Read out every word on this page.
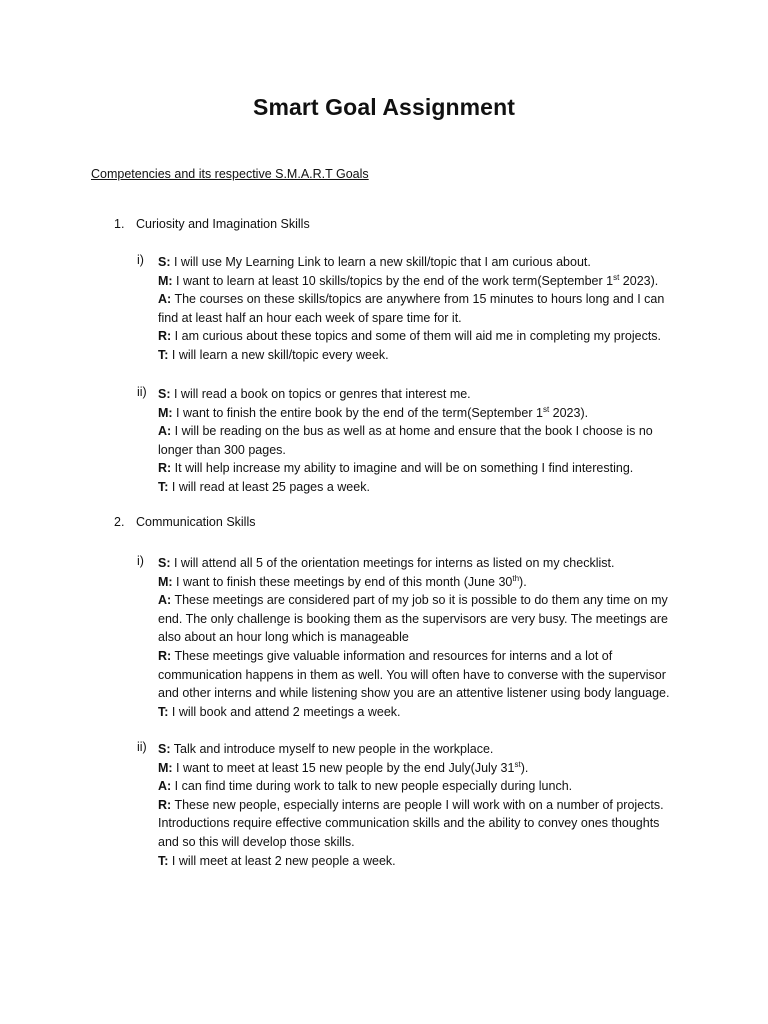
Smart Goal Assignment
Competencies and its respective S.M.A.R.T Goals
1. Curiosity and Imagination Skills
i) S: I will use My Learning Link to learn a new skill/topic that I am curious about.
M: I want to learn at least 10 skills/topics by the end of the work term(September 1st 2023).
A: The courses on these skills/topics are anywhere from 15 minutes to hours long and I can
find at least half an hour each week of spare time for it.
R: I am curious about these topics and some of them will aid me in completing my projects.
T: I will learn a new skill/topic every week.
ii) S: I will read a book on topics or genres that interest me.
M: I want to finish the entire book by the end of the term(September 1st 2023).
A: I will be reading on the bus as well as at home and ensure that the book I choose is no
longer than 300 pages.
R: It will help increase my ability to imagine and will be on something I find interesting.
T: I will read at least 25 pages a week.
2. Communication Skills
i) S: I will attend all 5 of the orientation meetings for interns as listed on my checklist.
M: I want to finish these meetings by end of this month (June 30th).
A: These meetings are considered part of my job so it is possible to do them any time on my
end. The only challenge is booking them as the supervisors are very busy. The meetings are
also about an hour long which is manageable
R: These meetings give valuable information and resources for interns and a lot of
communication happens in them as well. You will often have to converse with the supervisor
and other interns and while listening show you are an attentive listener using body language.
T: I will book and attend 2 meetings a week.
ii) S: Talk and introduce myself to new people in the workplace.
M: I want to meet at least 15 new people by the end July(July 31st).
A: I can find time during work to talk to new people especially during lunch.
R: These new people, especially interns are people I will work with on a number of projects.
Introductions require effective communication skills and the ability to convey ones thoughts
and so this will develop those skills.
T: I will meet at least 2 new people a week.
